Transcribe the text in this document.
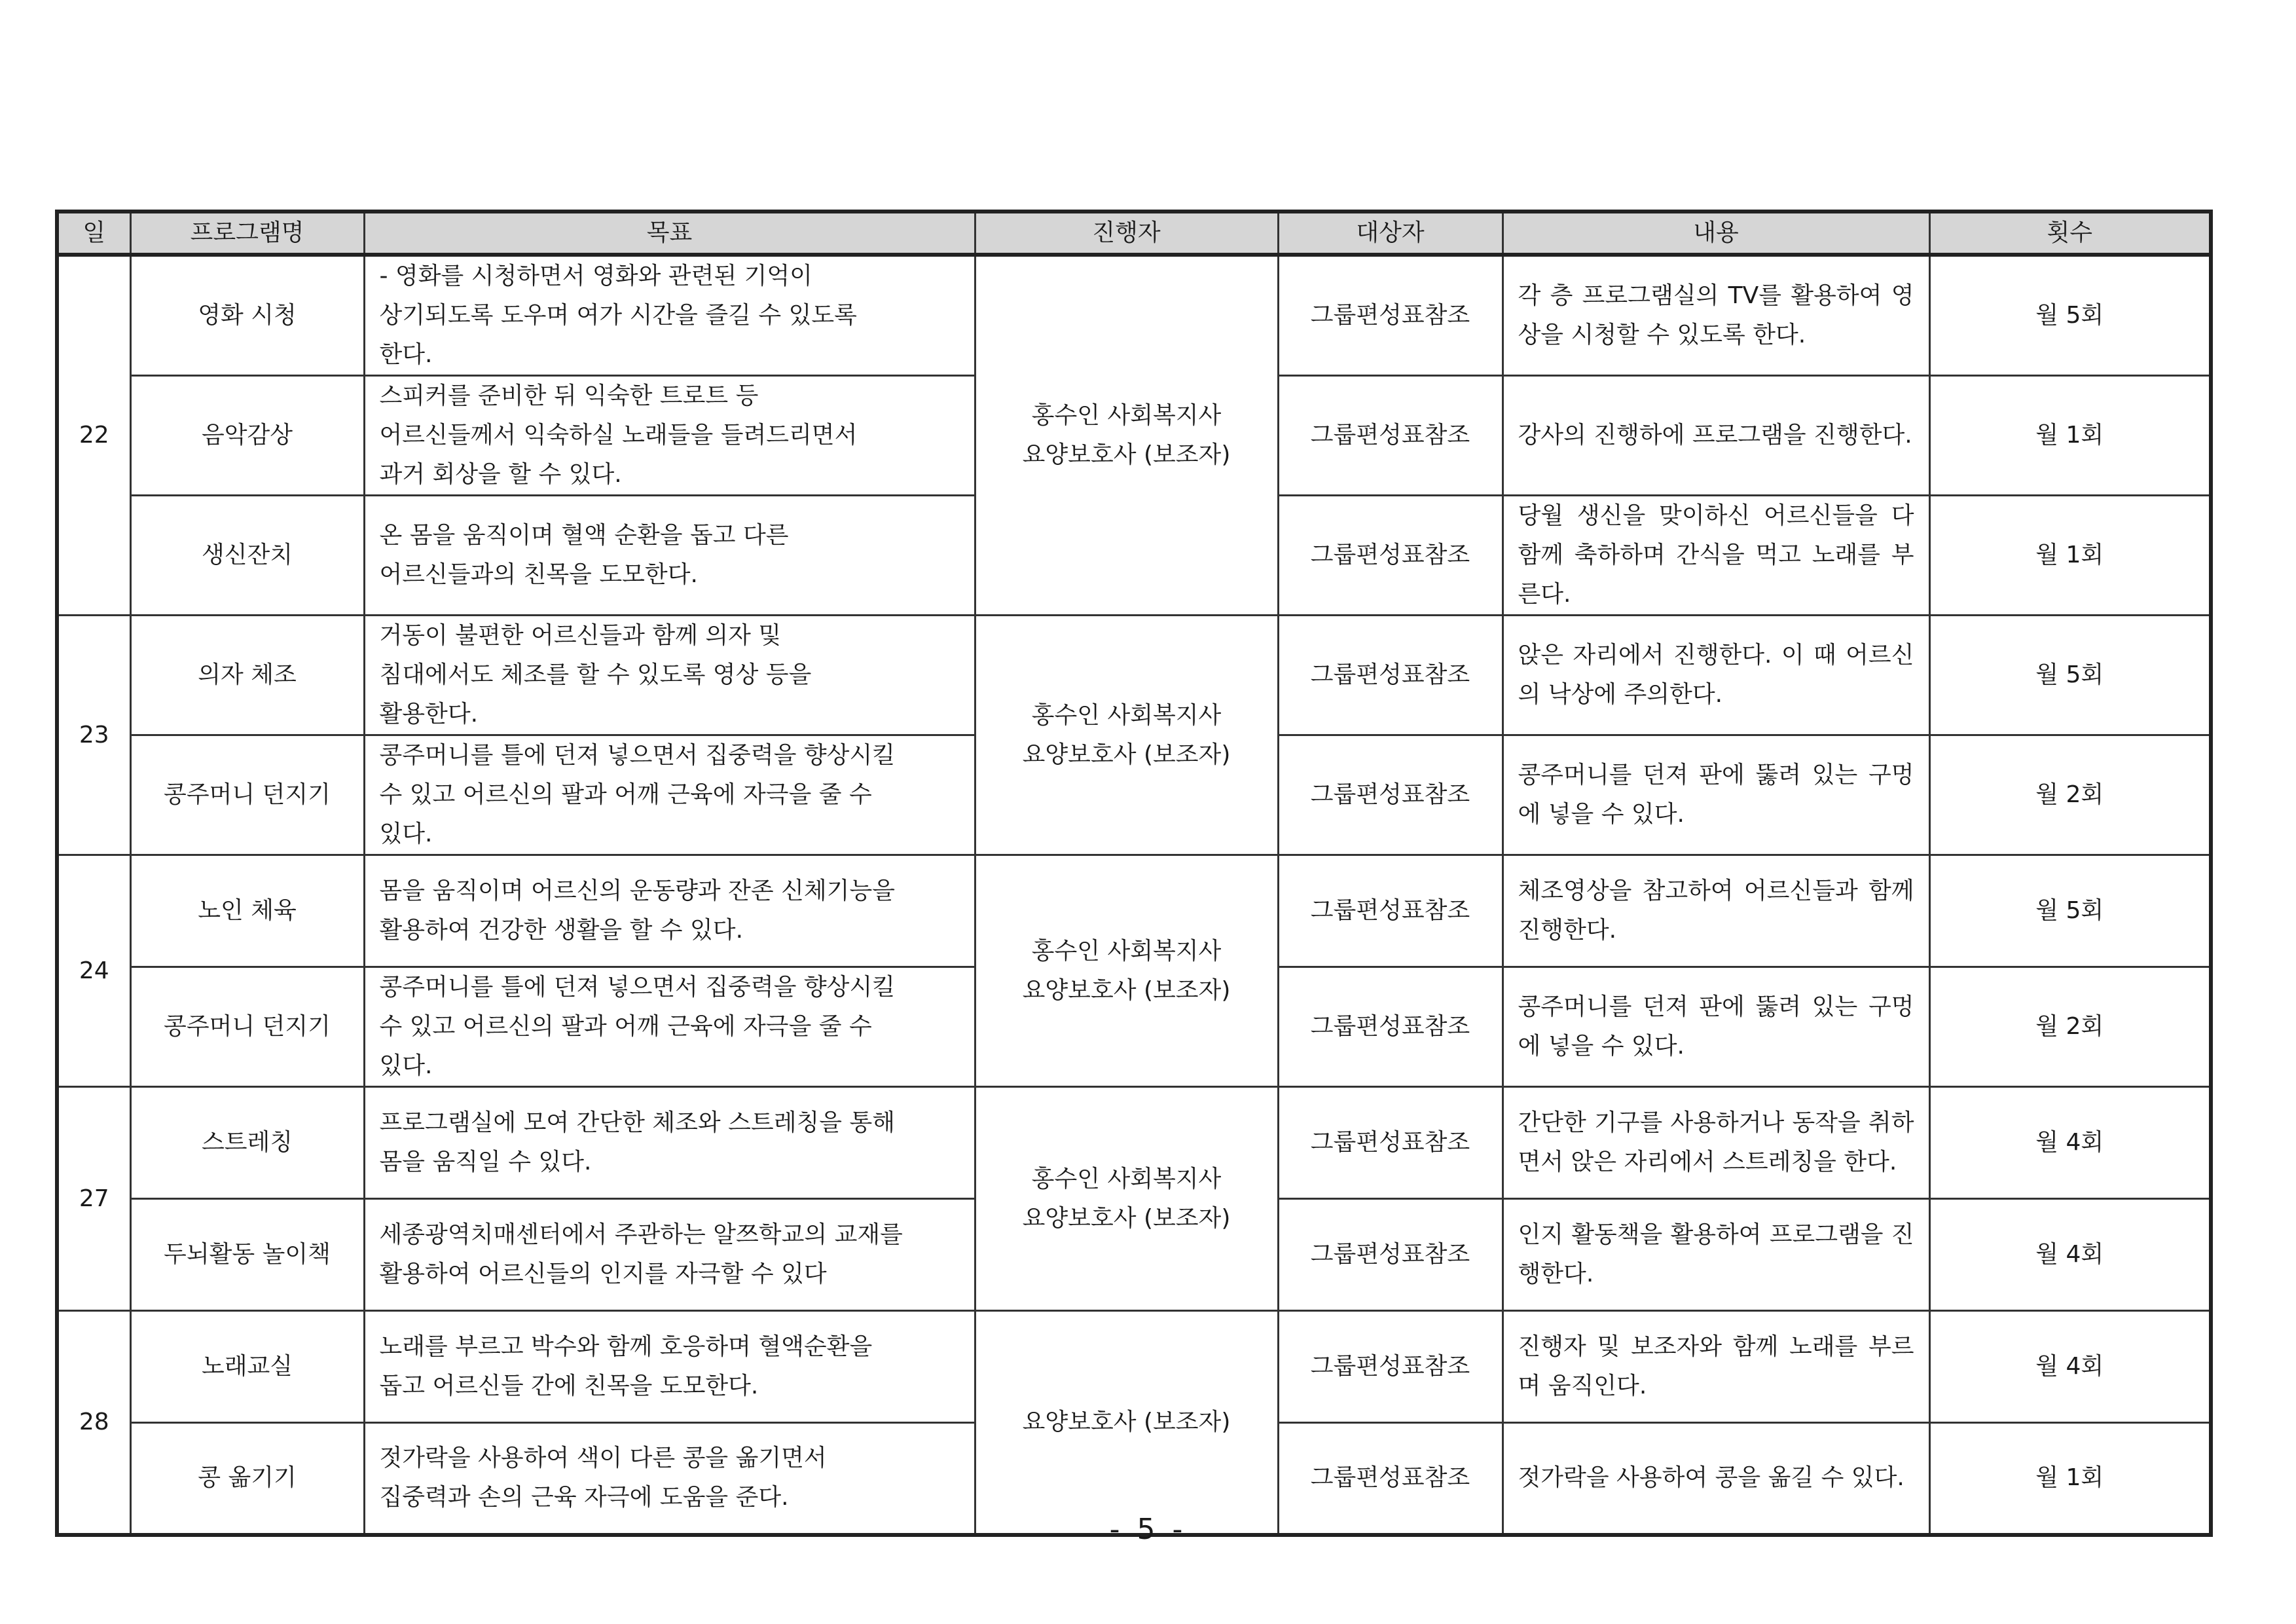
일	프로그램명	목표	진행자	대상자	내용	횟수
22	영화 시청	- 영화를 시청하면서 영화와 관련된 기억이
상기되도록 도우며 여가 시간을 즐길 수 있도록
한다.	홍수인 사회복지사
요양보호사 (보조자)	그룹편성표참조	각 층 프로그램실의 TV를 활용하여 영상을 시청할 수 있도록 한다.	월 5회
	음악감상	스피커를 준비한 뒤 익숙한 트로트 등
어르신들께서 익숙하실 노래들을 들려드리면서
과거 회상을 할 수 있다.		그룹편성표참조	강사의 진행하에 프로그램을 진행한다.	월 1회
	생신잔치	온 몸을 움직이며 혈액 순환을 돕고 다른
어르신들과의 친목을 도모한다.		그룹편성표참조	당월 생신을 맞이하신 어르신들을 다 함께 축하하며 간식을 먹고 노래를 부른다.	월 1회
23	의자 체조	거동이 불편한 어르신들과 함께 의자 및
침대에서도 체조를 할 수 있도록 영상 등을
활용한다.	홍수인 사회복지사
요양보호사 (보조자)	그룹편성표참조	앉은 자리에서 진행한다. 이 때 어르신의 낙상에 주의한다.	월 5회
	콩주머니 던지기	콩주머니를 틀에 던져 넣으면서 집중력을 향상시킬
수 있고 어르신의 팔과 어깨 근육에 자극을 줄 수
있다.		그룹편성표참조	콩주머니를 던져 판에 뚫려 있는 구멍에 넣을 수 있다.	월 2회
24	노인 체육	몸을 움직이며 어르신의 운동량과 잔존 신체기능을
활용하여 건강한 생활을 할 수 있다.	홍수인 사회복지사
요양보호사 (보조자)	그룹편성표참조	체조영상을 참고하여 어르신들과 함께 진행한다.	월 5회
	콩주머니 던지기	콩주머니를 틀에 던져 넣으면서 집중력을 향상시킬
수 있고 어르신의 팔과 어깨 근육에 자극을 줄 수
있다.		그룹편성표참조	콩주머니를 던져 판에 뚫려 있는 구멍에 넣을 수 있다.	월 2회
27	스트레칭	프로그램실에 모여 간단한 체조와 스트레칭을 통해
몸을 움직일 수 있다.	홍수인 사회복지사
요양보호사 (보조자)	그룹편성표참조	간단한 기구를 사용하거나 동작을 취하면서 앉은 자리에서 스트레칭을 한다.	월 4회
	두뇌활동 놀이책	세종광역치매센터에서 주관하는 알쯔학교의 교재를
활용하여 어르신들의 인지를 자극할 수 있다		그룹편성표참조	인지 활동책을 활용하여 프로그램을 진행한다.	월 4회
28	노래교실	노래를 부르고 박수와 함께 호응하며 혈액순환을
돕고 어르신들 간에 친목을 도모한다.	요양보호사 (보조자)	그룹편성표참조	진행자 및 보조자와 함께 노래를 부르며 움직인다.	월 4회
	콩 옮기기	젓가락을 사용하여 색이 다른 콩을 옮기면서
집중력과 손의 근육 자극에 도움을 준다.		그룹편성표참조	젓가락을 사용하여 콩을 옮길 수 있다.	월 1회
- 5 -
